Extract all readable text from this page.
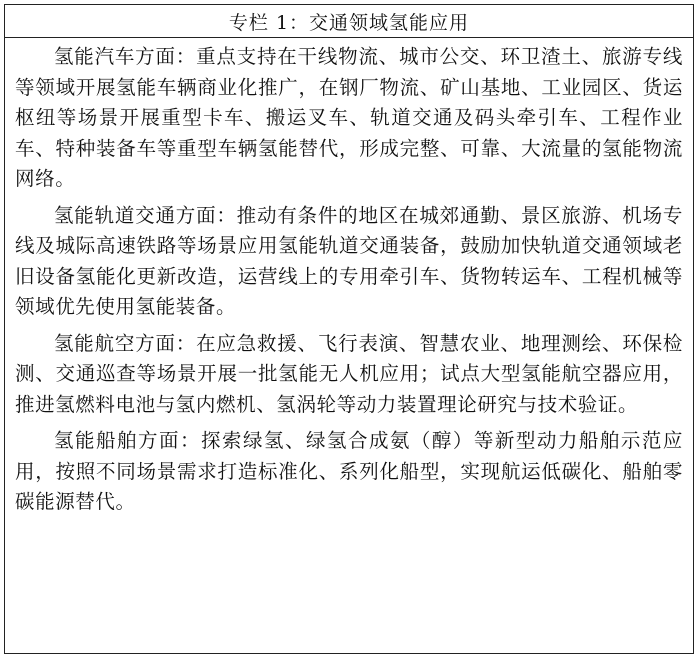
专栏 1：交通领域氢能应用

氢能汽车方面：重点支持在干线物流、城市公交、环卫渣土、旅游专线等领域开展氢能车辆商业化推广，在钢厂物流、矿山基地、工业园区、货运枢纽等场景开展重型卡车、搬运叉车、轨道交通及码头牵引车、工程作业车、特种装备车等重型车辆氢能替代，形成完整、可靠、大流量的氢能物流网络。

氢能轨道交通方面：推动有条件的地区在城郊通勤、景区旅游、机场专线及城际高速铁路等场景应用氢能轨道交通装备，鼓励加快轨道交通领域老旧设备氢能化更新改造，运营线上的专用牵引车、货物转运车、工程机械等领域优先使用氢能装备。

氢能航空方面：在应急救援、飞行表演、智慧农业、地理测绘、环保检测、交通巡查等场景开展一批氢能无人机应用；试点大型氢能航空器应用，推进氢燃料电池与氢内燃机、氢涡轮等动力装置理论研究与技术验证。

氢能船舶方面：探索绿氢、绿氢合成氨（醇）等新型动力船舶示范应用，按照不同场景需求打造标准化、系列化船型，实现航运低碳化、船舶零碳能源替代。
